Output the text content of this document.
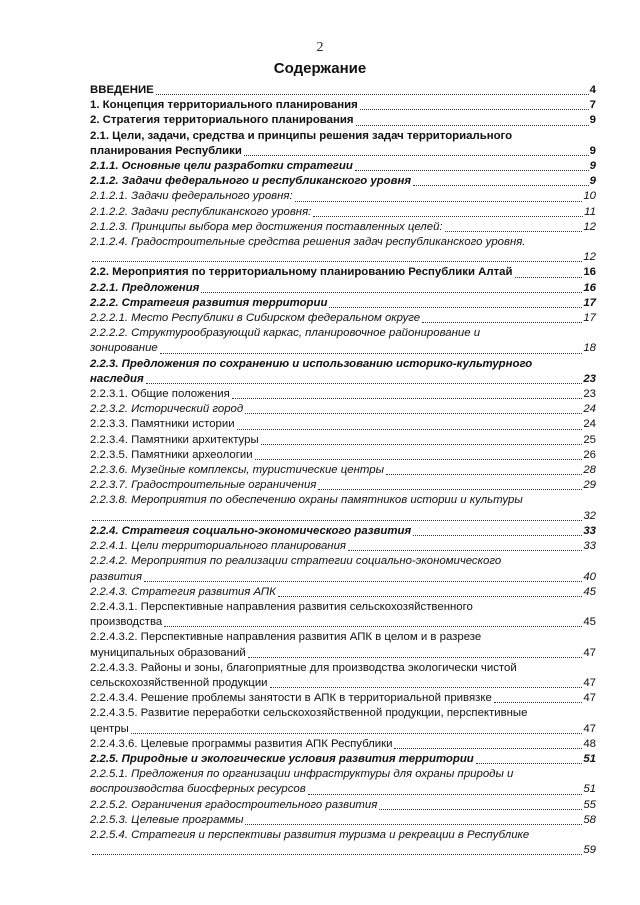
2
Содержание
ВВЕДЕНИЕ	4
1. Концепция территориального планирования	7
2. Стратегия территориального планирования	9
2.1. Цели, задачи, средства и принципы решения задач территориального
планирования Республики	9
2.1.1. Основные цели разработки стратегии	9
2.1.2. Задачи федерального и республиканского уровня	9
2.1.2.1. Задачи федерального уровня:	10
2.1.2.2. Задачи республиканского уровня:	11
2.1.2.3. Принципы выбора мер достижения поставленных целей:	12
2.1.2.4. Градостроительные средства решения задач республиканского уровня.
12
2.2. Мероприятия по территориальному планированию Республики Алтай	16
2.2.1. Предложения	16
2.2.2. Стратегия развития территории	17
2.2.2.1. Место Республики в Сибирском федеральном округе	17
2.2.2.2. Структурообразующий каркас, планировочное районирование и
зонирование	18
2.2.3. Предложения по сохранению и использованию историко-культурного
наследия	23
2.2.3.1. Общие положения	23
2.2.3.2. Исторический город	24
2.2.3.3. Памятники истории	24
2.2.3.4. Памятники архитектуры	25
2.2.3.5. Памятники археологии	26
2.2.3.6. Музейные комплексы, туристические центры	28
2.2.3.7. Градостроительные ограничения	29
2.2.3.8. Мероприятия по обеспечению охраны памятников истории и культуры
32
2.2.4. Стратегия социально-экономического развития	33
2.2.4.1. Цели территориального планирования	33
2.2.4.2. Мероприятия по реализации стратегии социально-экономического
развития	40
2.2.4.3. Стратегия развития АПК	45
2.2.4.3.1. Перспективные направления развития сельскохозяйственного
производства	45
2.2.4.3.2. Перспективные направления развития АПК в целом и в разрезе
муниципальных образований	47
2.2.4.3.3. Районы и зоны, благоприятные для производства экологически чистой
сельскохозяйственной продукции	47
2.2.4.3.4. Решение проблемы занятости в АПК в территориальной привязке	47
2.2.4.3.5. Развитие переработки сельскохозяйственной продукции, перспективные
центры	47
2.2.4.3.6. Целевые программы развития АПК Республики	48
2.2.5. Природные и экологические условия развития территории	51
2.2.5.1. Предложения по организации инфраструктуры для охраны природы и
воспроизводства биосферных ресурсов	51
2.2.5.2. Ограничения градостроительного развития	55
2.2.5.3. Целевые программы	58
2.2.5.4. Стратегия и перспективы развития туризма и рекреации в Республике
59
